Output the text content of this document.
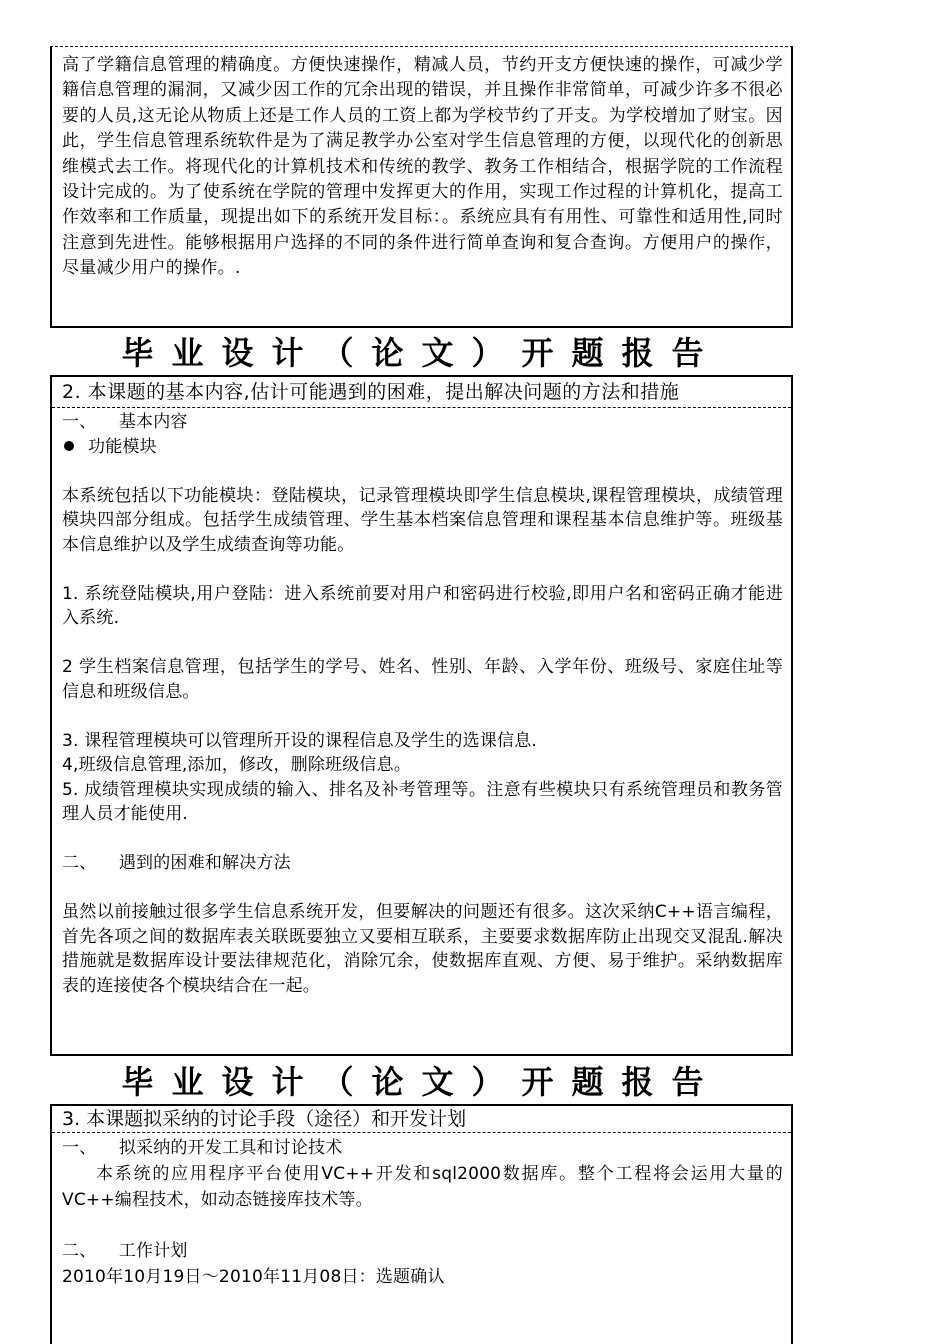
高了学籍信息管理的精确度。方便快速操作，精减人员，节约开支方便快速的操作，可减少学籍信息管理的漏洞，又减少因工作的冗余出现的错误，并且操作非常简单，可减少许多不很必要的人员,这无论从物质上还是工作人员的工资上都为学校节约了开支。为学校增加了财宝。因此，学生信息管理系统软件是为了满足教学办公室对学生信息管理的方便，以现代化的创新思维模式去工作。将现代化的计算机技术和传统的教学、教务工作相结合，根据学院的工作流程设计完成的。为了使系统在学院的管理中发挥更大的作用，实现工作过程的计算机化，提高工作效率和工作质量，现提出如下的系统开发目标：。系统应具有有用性、可靠性和适用性,同时注意到先进性。能够根据用户选择的不同的条件进行简单查询和复合查询。方便用户的操作，尽量减少用户的操作。.
毕业设计（论文）开题报告
2. 本课题的基本内容,估计可能遇到的困难，提出解决问题的方法和措施
一、    基本内容
功能模块
本系统包括以下功能模块：登陆模块，记录管理模块即学生信息模块,课程管理模块，成绩管理模块四部分组成。包括学生成绩管理、学生基本档案信息管理和课程基本信息维护等。班级基本信息维护以及学生成绩查询等功能。
1. 系统登陆模块,用户登陆：进入系统前要对用户和密码进行校验,即用户名和密码正确才能进入系统.
2 学生档案信息管理，包括学生的学号、姓名、性别、年龄、入学年份、班级号、家庭住址等信息和班级信息。
3. 课程管理模块可以管理所开设的课程信息及学生的选课信息.
4,班级信息管理,添加，修改，删除班级信息。
5. 成绩管理模块实现成绩的输入、排名及补考管理等。注意有些模块只有系统管理员和教务管理人员才能使用.
二、    遇到的困难和解决方法
虽然以前接触过很多学生信息系统开发，但要解决的问题还有很多。这次采纳C++语言编程，首先各项之间的数据库表关联既要独立又要相互联系，主要要求数据库防止出现交叉混乱.解决措施就是数据库设计要法律规范化，消除冗余，使数据库直观、方便、易于维护。采纳数据库表的连接使各个模块结合在一起。
毕业设计（论文）开题报告
3. 本课题拟采纳的讨论手段（途径）和开发计划
一、    拟采纳的开发工具和讨论技术
本系统的应用程序平台使用VC++开发和sql2000数据库。整个工程将会运用大量的VC++编程技术，如动态链接库技术等。
二、    工作计划
2010年10月19日～2010年11月08日：选题确认
